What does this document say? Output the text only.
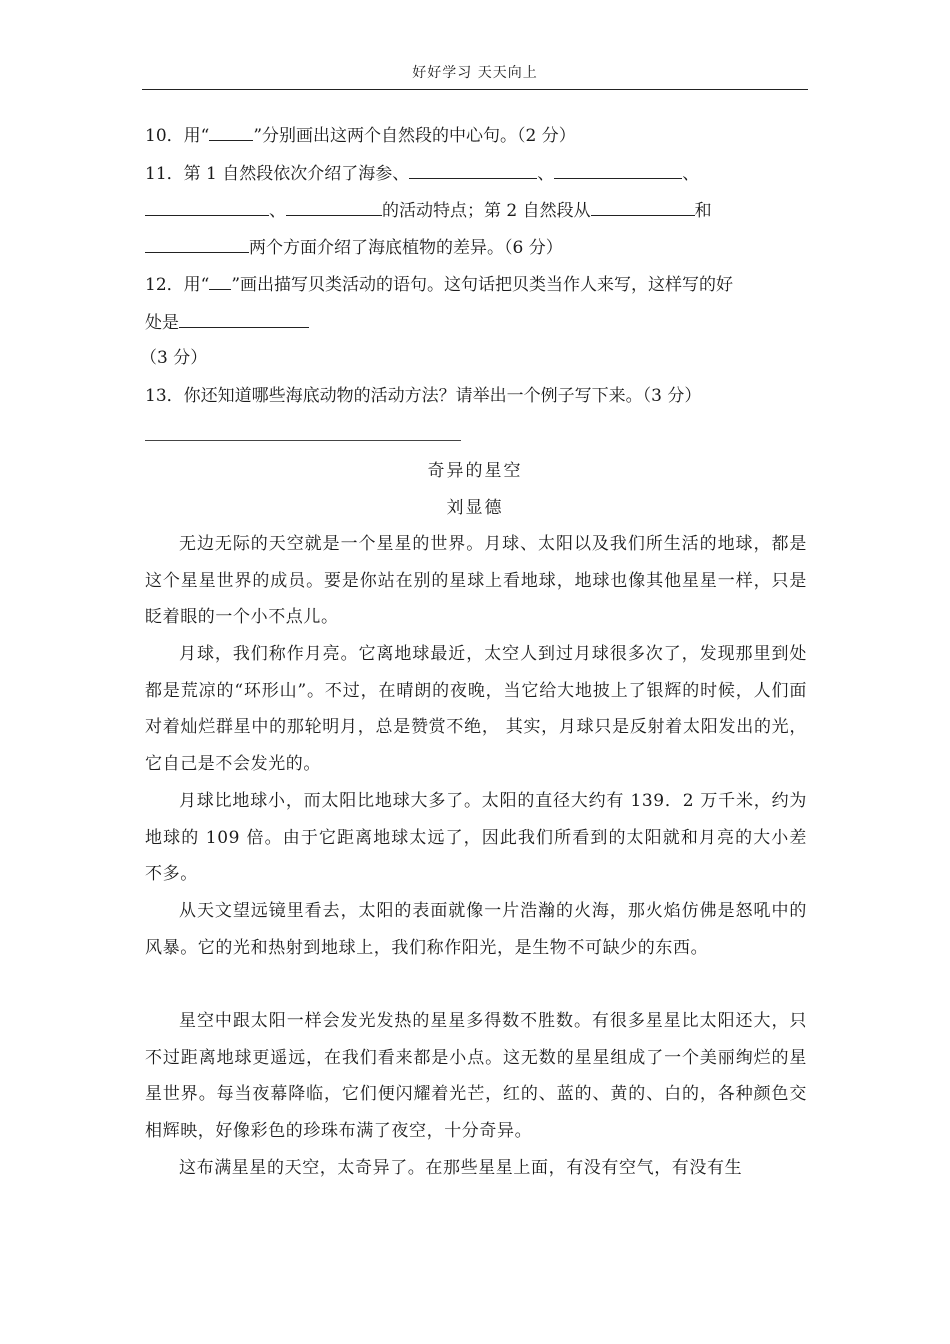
好好学习 天天向上
10．用“	”分别画出这两个自然段的中心句。（2 分）
11．第 1 自然段依次介绍了海参、	、	、
、	的活动特点；第 2 自然段从	和
两个方面介绍了海底植物的差异。（6 分）
12．用“ ”画出描写贝类活动的语句。这句话把贝类当作人来写，这样写的好
处是
（3 分）
13．你还知道哪些海底动物的活动方法？请举出一个例子写下来。（3 分）
奇异的星空
刘显德

无边无际的天空就是一个星星的世界。月球、太阳以及我们所生活的地球，都是这个星星世界的成员。要是你站在别的星球上看地球，地球也像其他星星一样，只是眨着眼的一个小不点儿。

月球，我们称作月亮。它离地球最近，太空人到过月球很多次了，发现那里到处都是荒凉的“环形山”。不过，在晴朗的夜晚，当它给大地披上了银辉的时候，人们面对着灿烂群星中的那轮明月，总是赞赏不绝， 其实，月球只是反射着太阳发出的光，它自己是不会发光的。

月球比地球小，而太阳比地球大多了。太阳的直径大约有 139．2 万千米，约为地球的 109 倍。由于它距离地球太远了，因此我们所看到的太阳就和月亮的大小差不多。

从天文望远镜里看去，太阳的表面就像一片浩瀚的火海，那火焰仿佛是怒吼中的风暴。它的光和热射到地球上，我们称作阳光，是生物不可缺少的东西。

星空中跟太阳一样会发光发热的星星多得数不胜数。有很多星星比太阳还大，只不过距离地球更遥远，在我们看来都是小点。这无数的星星组成了一个美丽绚烂的星星世界。每当夜幕降临，它们便闪耀着光芒，红的、蓝的、黄的、白的，各种颜色交相辉映，好像彩色的珍珠布满了夜空，十分奇异。

这布满星星的天空，太奇异了。在那些星星上面，有没有空气，有没有生
